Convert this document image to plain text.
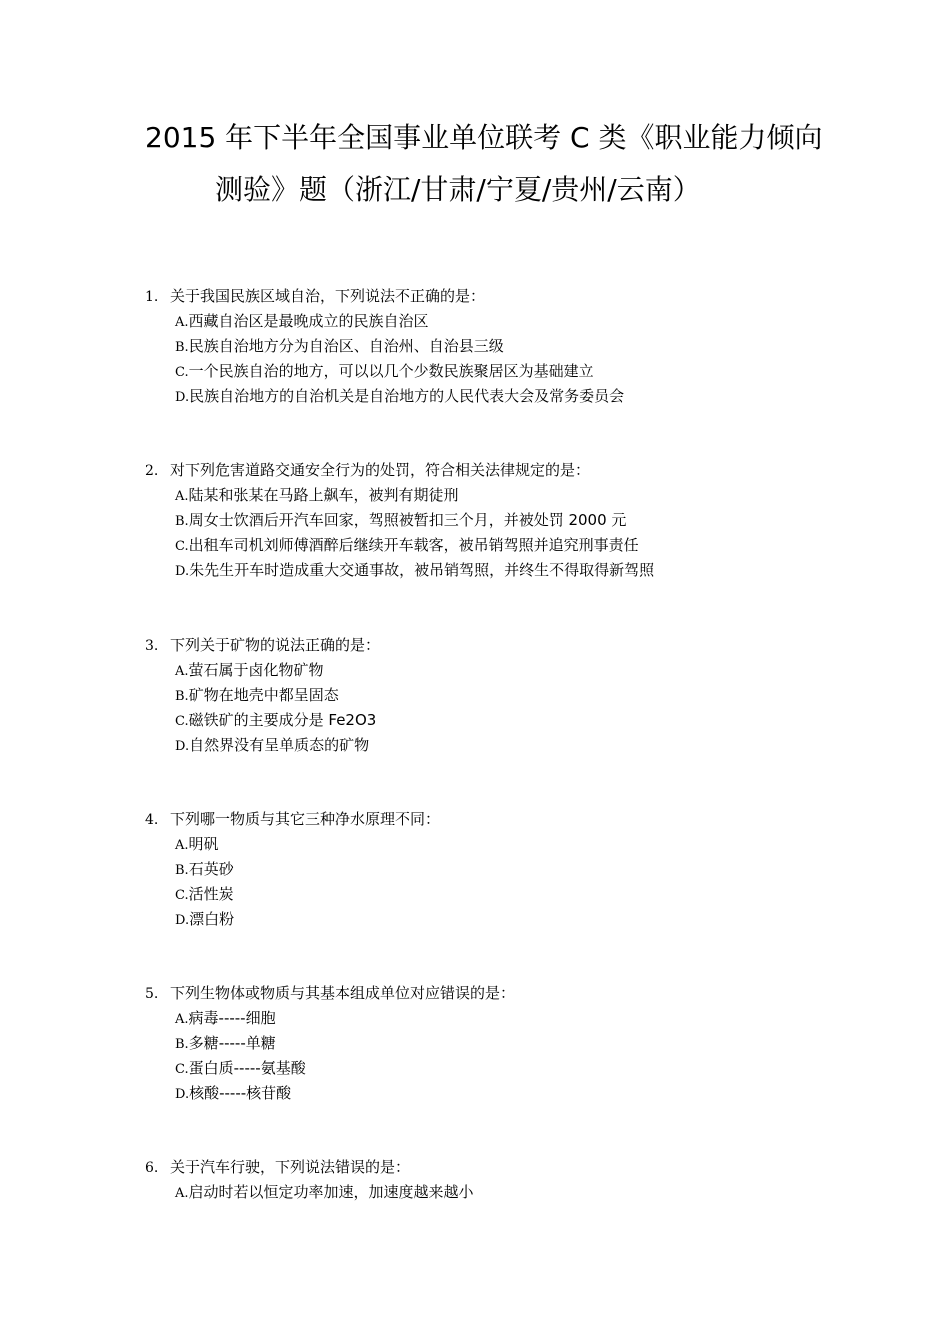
2015 年下半年全国事业单位联考 C 类《职业能力倾向
测验》题（浙江/甘肃/宁夏/贵州/云南）
1. 关于我国民族区域自治，下列说法不正确的是：
A.西藏自治区是最晚成立的民族自治区
B.民族自治地方分为自治区、自治州、自治县三级
C.一个民族自治的地方，可以以几个少数民族聚居区为基础建立
D.民族自治地方的自治机关是自治地方的人民代表大会及常务委员会
2. 对下列危害道路交通安全行为的处罚，符合相关法律规定的是：
A.陆某和张某在马路上飙车，被判有期徒刑
B.周女士饮酒后开汽车回家，驾照被暂扣三个月，并被处罚 2000 元
C.出租车司机刘师傅酒醉后继续开车载客，被吊销驾照并追究刑事责任
D.朱先生开车时造成重大交通事故，被吊销驾照，并终生不得取得新驾照
3. 下列关于矿物的说法正确的是：
A.萤石属于卤化物矿物
B.矿物在地壳中都呈固态
C.磁铁矿的主要成分是 Fe2O3
D.自然界没有呈单质态的矿物
4. 下列哪一物质与其它三种净水原理不同：
A.明矾
B.石英砂
C.活性炭
D.漂白粉
5. 下列生物体或物质与其基本组成单位对应错误的是：
A.病毒-----细胞
B.多糖-----单糖
C.蛋白质-----氨基酸
D.核酸-----核苷酸
6. 关于汽车行驶，下列说法错误的是：
A.启动时若以恒定功率加速，加速度越来越小
